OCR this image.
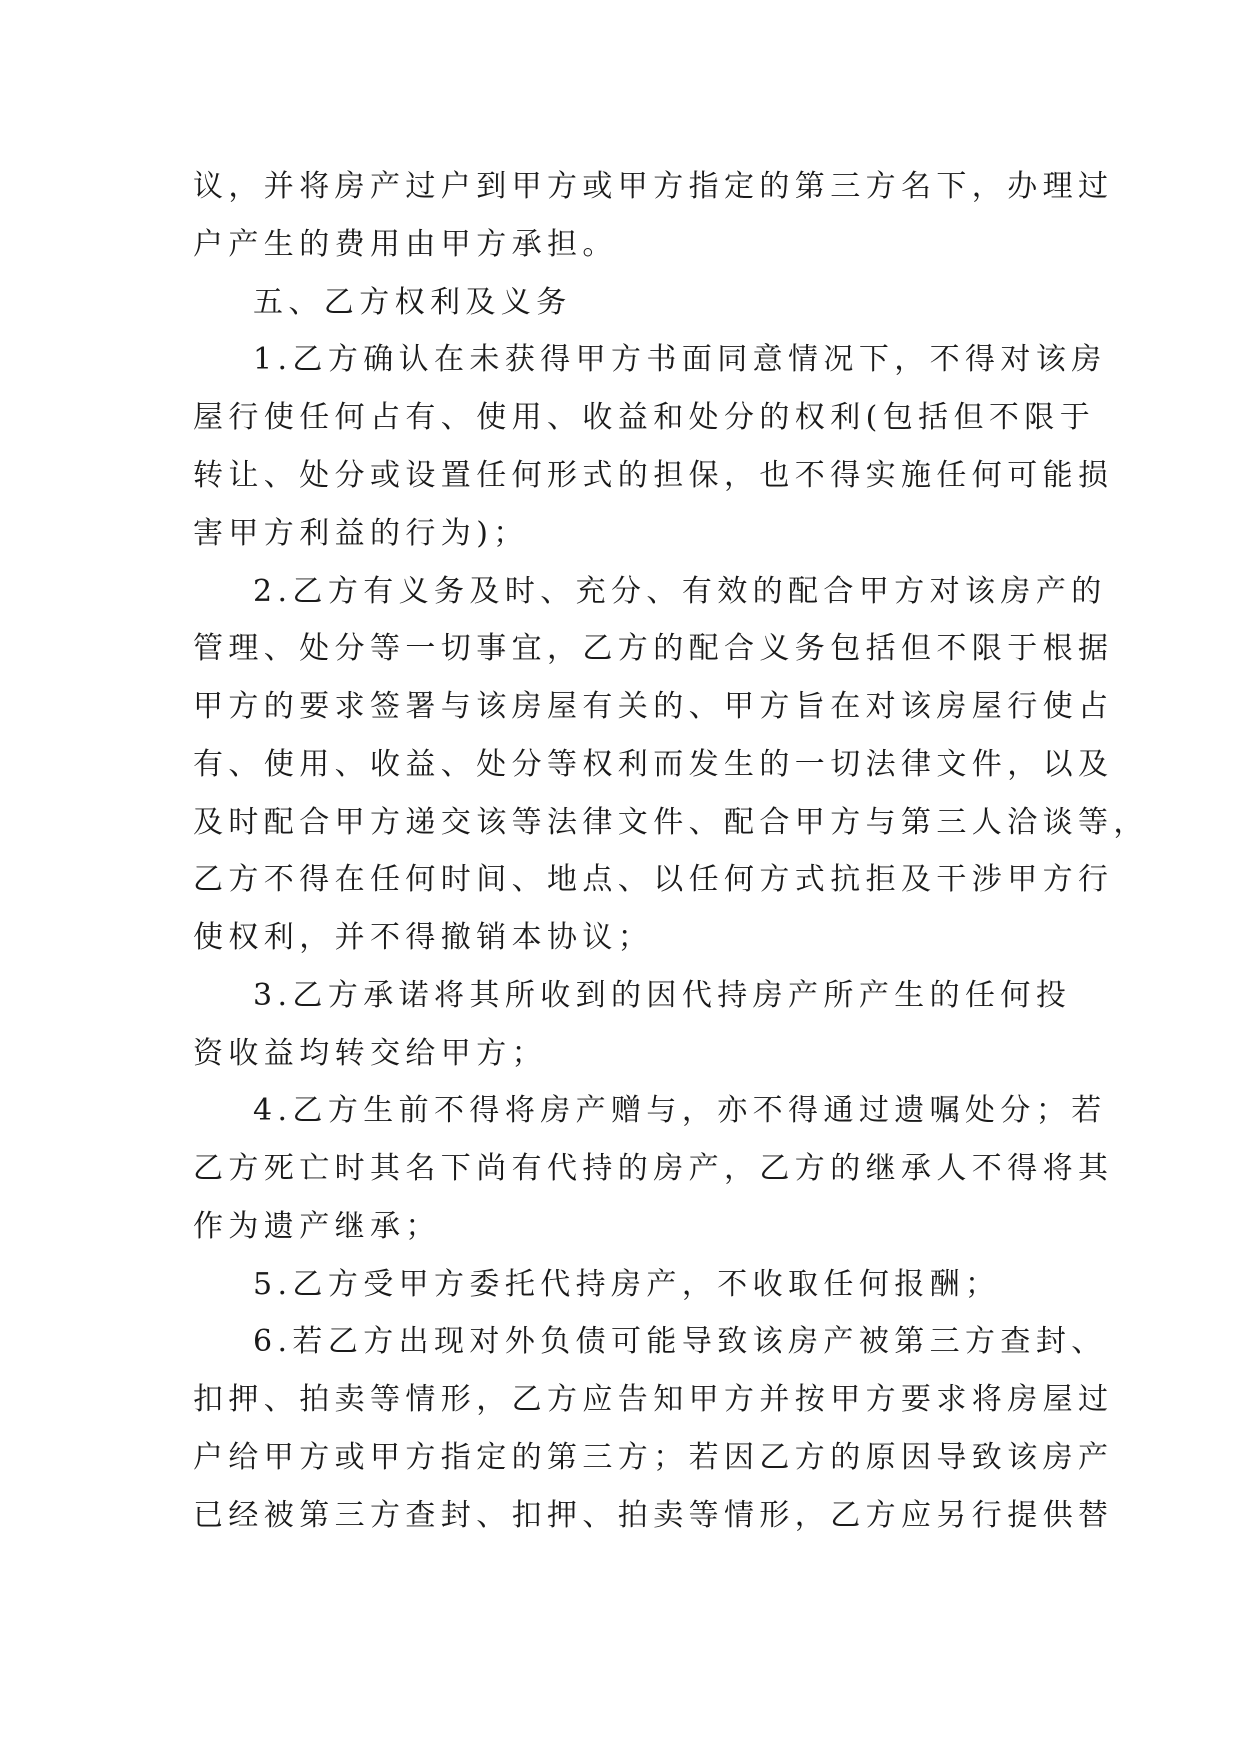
议，并将房产过户到甲方或甲方指定的第三方名下，办理过
户产生的费用由甲方承担。
五、乙方权利及义务
1.乙方确认在未获得甲方书面同意情况下，不得对该房
屋行使任何占有、使用、收益和处分的权利(包括但不限于
转让、处分或设置任何形式的担保，也不得实施任何可能损
害甲方利益的行为)；
2.乙方有义务及时、充分、有效的配合甲方对该房产的
管理、处分等一切事宜，乙方的配合义务包括但不限于根据
甲方的要求签署与该房屋有关的、甲方旨在对该房屋行使占
有、使用、收益、处分等权利而发生的一切法律文件，以及
及时配合甲方递交该等法律文件、配合甲方与第三人洽谈等，
乙方不得在任何时间、地点、以任何方式抗拒及干涉甲方行
使权利，并不得撤销本协议；
3.乙方承诺将其所收到的因代持房产所产生的任何投
资收益均转交给甲方；
4.乙方生前不得将房产赠与，亦不得通过遗嘱处分；若
乙方死亡时其名下尚有代持的房产，乙方的继承人不得将其
作为遗产继承；
5.乙方受甲方委托代持房产，不收取任何报酬；
6.若乙方出现对外负债可能导致该房产被第三方查封、
扣押、拍卖等情形，乙方应告知甲方并按甲方要求将房屋过
户给甲方或甲方指定的第三方；若因乙方的原因导致该房产
已经被第三方查封、扣押、拍卖等情形，乙方应另行提供替
